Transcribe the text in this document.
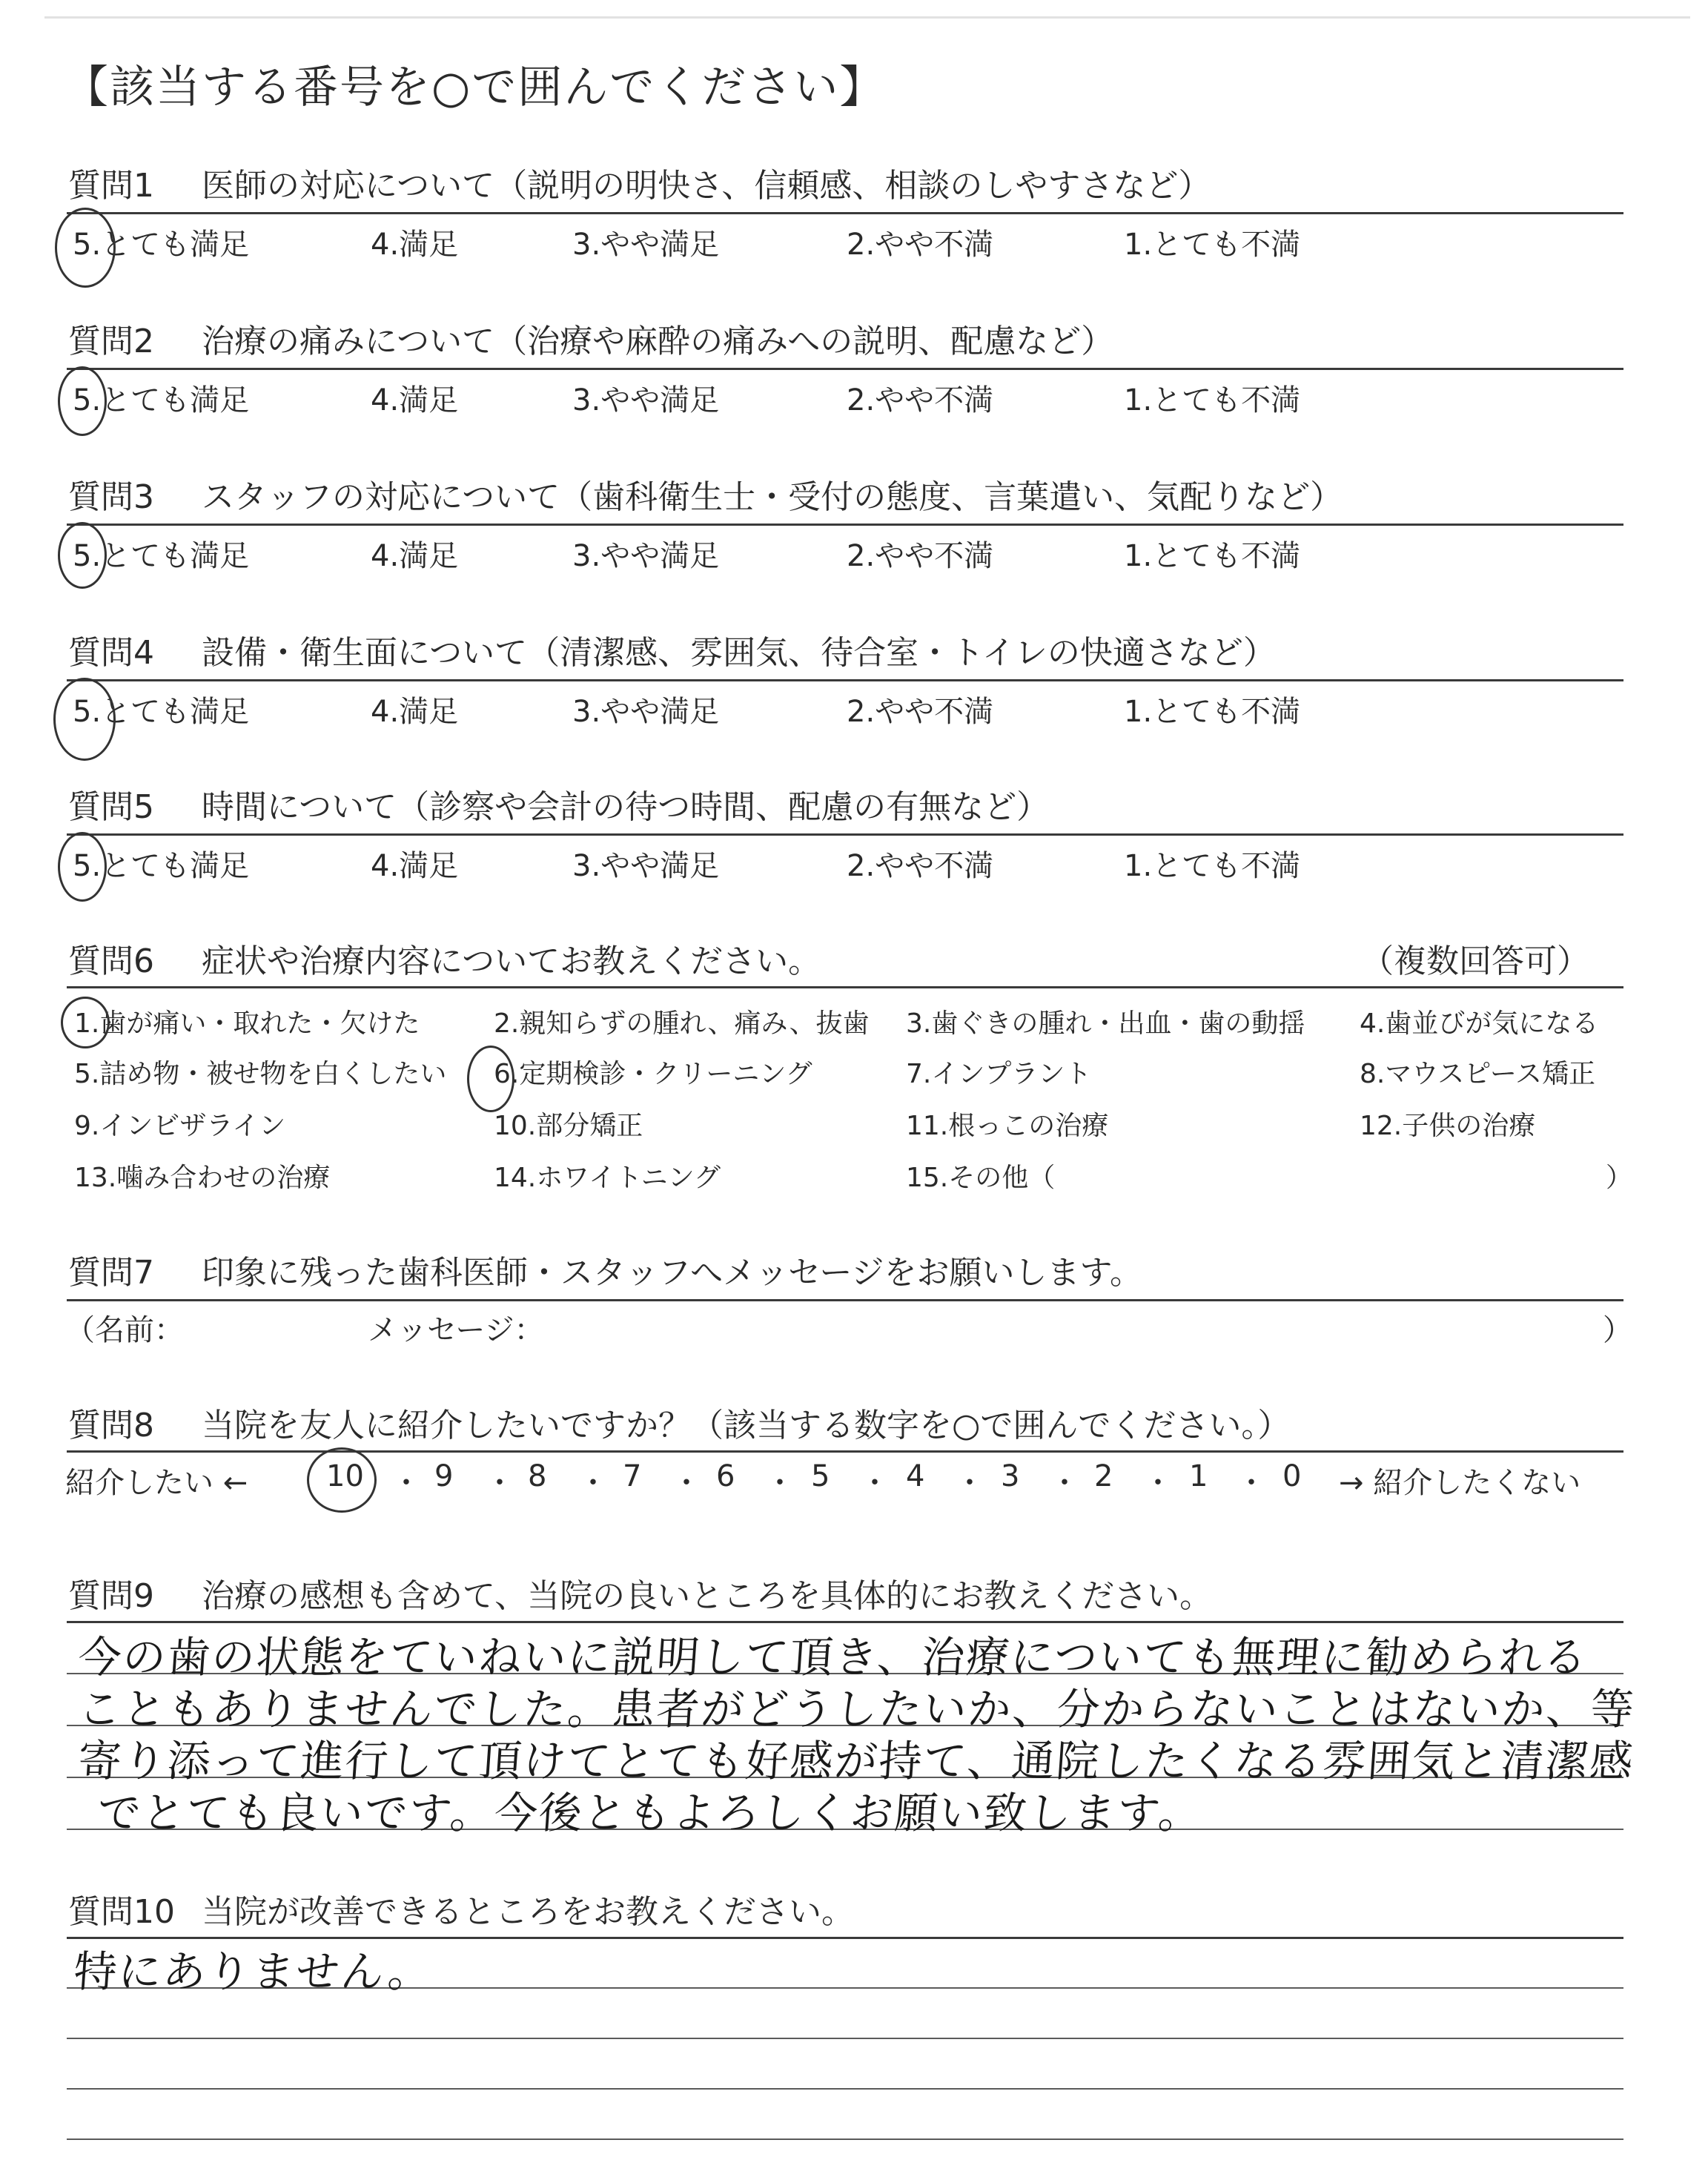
【該当する番号を○で囲んでください】
質問1 医師の対応について（説明の明快さ、信頼感、相談のしやすさなど）
5.とても満足	4.満足	3.やや満足	2.やや不満	1.とても不満
質問2 治療の痛みについて（治療や麻酔の痛みへの説明、配慮など）
5.とても満足	4.満足	3.やや満足	2.やや不満	1.とても不満
質問3 スタッフの対応について（歯科衛生士・受付の態度、言葉遣い、気配りなど）
5.とても満足	4.満足	3.やや満足	2.やや不満	1.とても不満
質問4 設備・衛生面について（清潔感、雰囲気、待合室・トイレの快適さなど）
5.とても満足	4.満足	3.やや満足	2.やや不満	1.とても不満
質問5 時間について（診察や会計の待つ時間、配慮の有無など）
5.とても満足	4.満足	3.やや満足	2.やや不満	1.とても不満
質問6 症状や治療内容についてお教えください。	（複数回答可）
1.歯が痛い・取れた・欠けた	2.親知らずの腫れ、痛み、抜歯 3.歯ぐきの腫れ・出血・歯の動揺 4.歯並びが気になる
5.詰め物・被せ物を白くしたい 6.定期検診・クリーニング	7.インプラント	8.マウスピース矯正
9.インビザライン	10.部分矯正	11.根っこの治療	12.子供の治療
13.噛み合わせの治療	14.ホワイトニング	15.その他（	）
質問7 印象に残った歯科医師・スタッフへメッセージをお願いします。
（名前：	メッセージ：	）
質問8 当院を友人に紹介したいですか？（該当する数字を○で囲んでください。）
紹介したい ←	10 ・ 9 ・ 8 ・ 7 ・ 6 ・ 5 ・ 4 ・ 3 ・ 2 ・ 1 ・ 0 → 紹介したくない
質問9 治療の感想も含めて、当院の良いところを具体的にお教えください。
今の歯の状態をていねいに説明して頂き、治療についても無理に勧められる
こともありませんでした。患者がどうしたいか、分からないことはないか、等
寄り添って進行して頂けてとても好感が持て、通院したくなる雰囲気と清潔感
でとても良いです。今後ともよろしくお願い致します。
質問10 当院が改善できるところをお教えください。
特にありません。
